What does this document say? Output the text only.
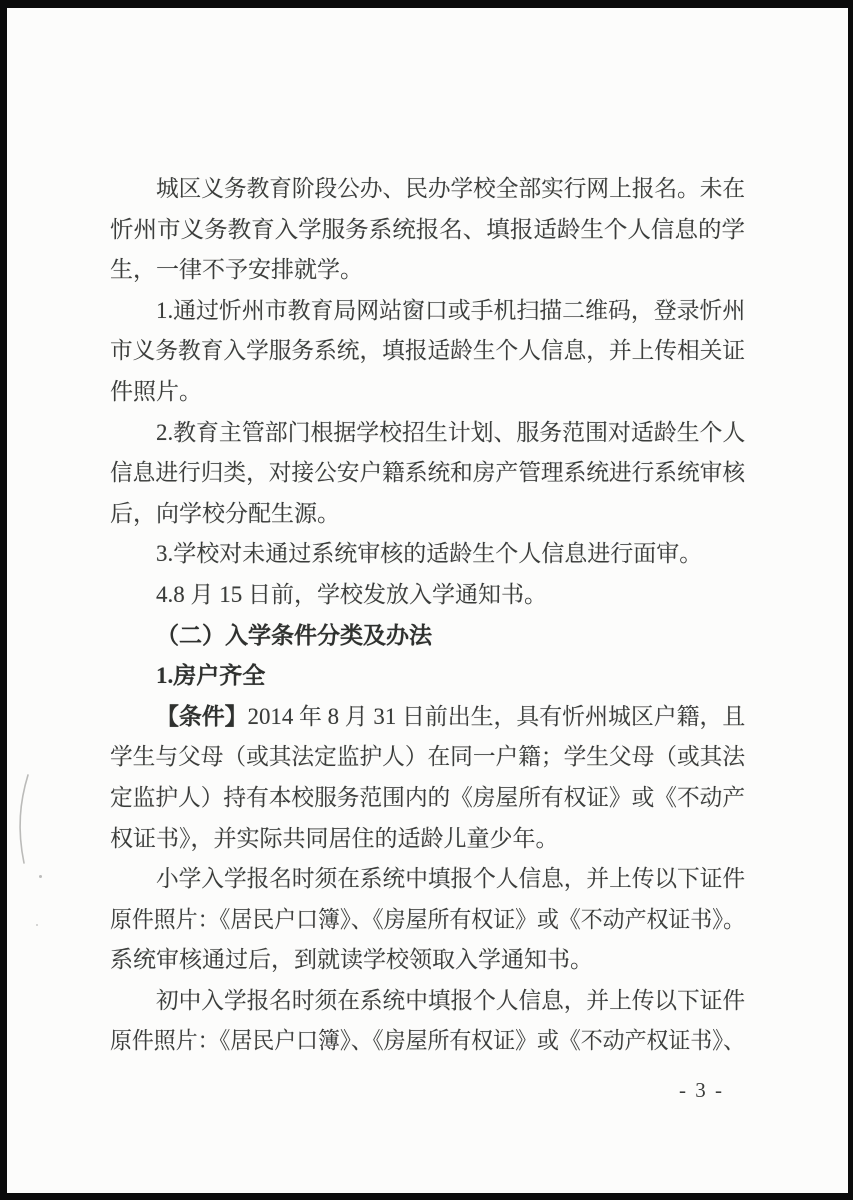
城区义务教育阶段公办、民办学校全部实行网上报名。未在
忻州市义务教育入学服务系统报名、填报适龄生个人信息的学
生，一律不予安排就学。
1.通过忻州市教育局网站窗口或手机扫描二维码，登录忻州
市义务教育入学服务系统，填报适龄生个人信息，并上传相关证
件照片。
2.教育主管部门根据学校招生计划、服务范围对适龄生个人
信息进行归类，对接公安户籍系统和房产管理系统进行系统审核
后，向学校分配生源。
3.学校对未通过系统审核的适龄生个人信息进行面审。
4.8 月 15 日前，学校发放入学通知书。
（二）入学条件分类及办法
1.房户齐全
【条件】2014 年 8 月 31 日前出生，具有忻州城区户籍，且
学生与父母（或其法定监护人）在同一户籍；学生父母（或其法
定监护人）持有本校服务范围内的《房屋所有权证》或《不动产
权证书》，并实际共同居住的适龄儿童少年。
小学入学报名时须在系统中填报个人信息，并上传以下证件
原件照片：《居民户口簿》、《房屋所有权证》或《不动产权证书》。
系统审核通过后，到就读学校领取入学通知书。
初中入学报名时须在系统中填报个人信息，并上传以下证件
原件照片：《居民户口簿》、《房屋所有权证》或《不动产权证书》、
- 3 -
